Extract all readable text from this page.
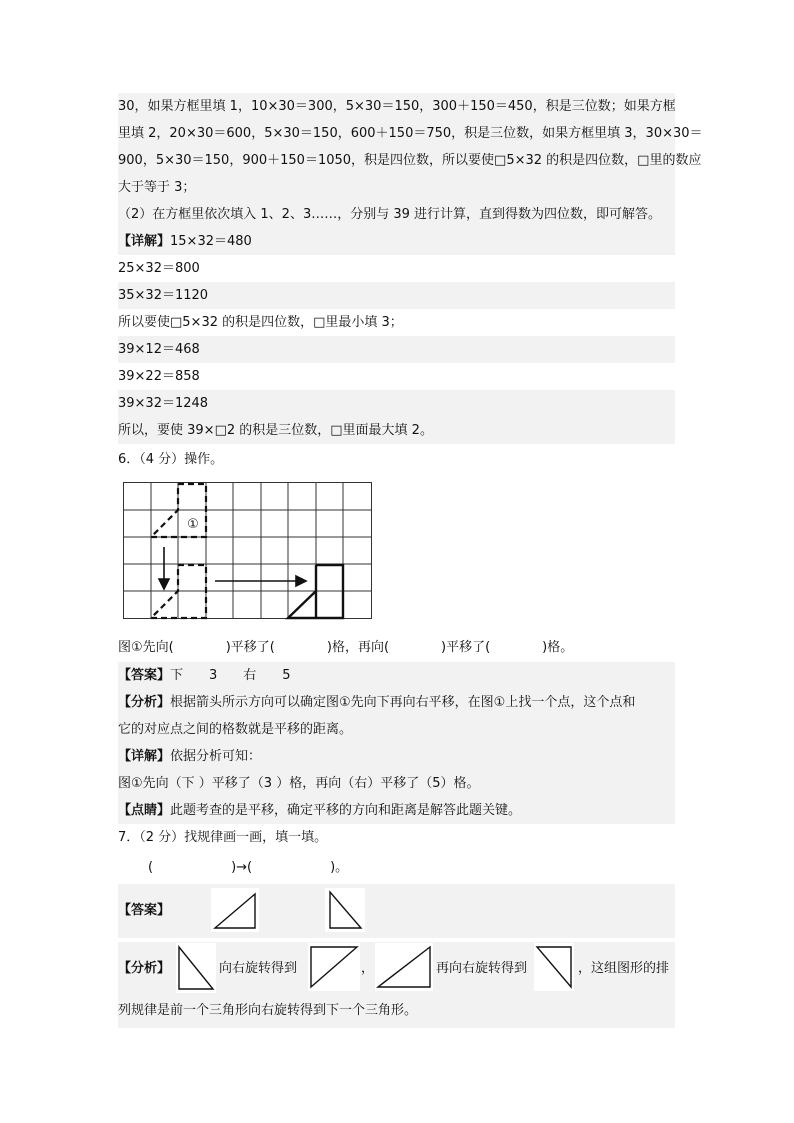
30，如果方框里填 1，10×30＝300，5×30＝150，300＋150＝450，积是三位数；如果方框
里填 2，20×30＝600，5×30＝150，600＋150＝750，积是三位数，如果方框里填 3，30×30＝
900，5×30＝150，900＋150＝1050，积是四位数，所以要使□5×32 的积是四位数，□里的数应
大于等于 3；
（2）在方框里依次填入 1、2、3……，分别与 39 进行计算，直到得数为四位数，即可解答。
【详解】15×32＝480
25×32＝800
35×32＝1120
所以要使□5×32 的积是四位数，□里最小填 3；
39×12＝468
39×22＝858
39×32＝1248
所以，要使 39×□2 的积是三位数，□里面最大填 2。
6．（4 分）操作。
①
图①先向(　　　　)平移了(　　　　)格，再向(　　　　)平移了(　　　　)格。
【答案】下　　3　　右　　5
【分析】根据箭头所示方向可以确定图①先向下再向右平移，在图①上找一个点，这个点和
它的对应点之间的格数就是平移的距离。
【详解】依据分析可知：
图①先向（下 ）平移了（3 ）格，再向（右）平移了（5）格。
【点睛】此题考查的是平移，确定平移的方向和距离是解答此题关键。
7．（2 分）找规律画一画，填一填。
(　　　　　　)→(　　　　　　)。
【答案】
【分析】	向右旋转得到	，	再向右旋转得到	，这组图形的排
列规律是前一个三角形向右旋转得到下一个三角形。
